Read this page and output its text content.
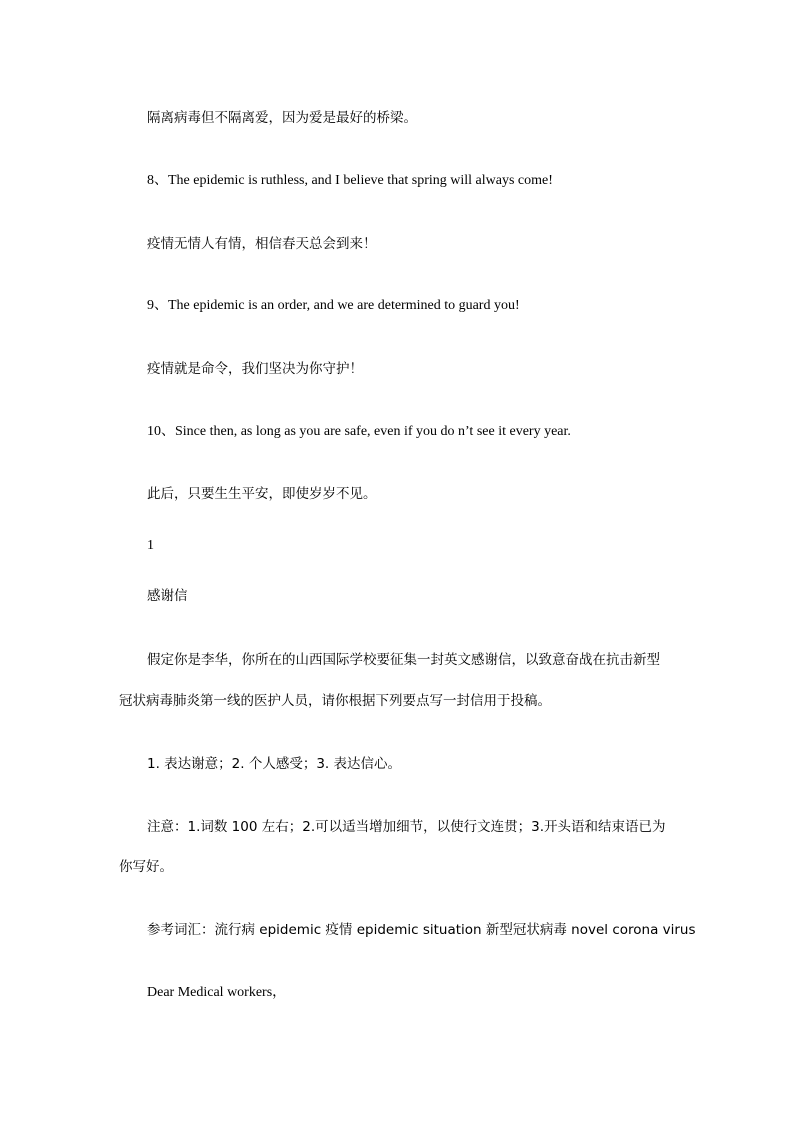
隔离病毒但不隔离爱，因为爱是最好的桥梁。
8、The epidemic is ruthless, and I believe that spring will always come!
疫情无情人有情，相信春天总会到来！
9、The epidemic is an order, and we are determined to guard you!
疫情就是命令，我们坚决为你守护！
10、Since then, as long as you are safe, even if you do n’t see it every year.
此后，只要生生平安，即使岁岁不见。
1
感谢信
假定你是李华，你所在的山西国际学校要征集一封英文感谢信，以致意奋战在抗击新型
冠状病毒肺炎第一线的医护人员，请你根据下列要点写一封信用于投稿。
1. 表达谢意；2. 个人感受；3. 表达信心。
注意：1.词数 100 左右；2.可以适当增加细节，以使行文连贯；3.开头语和结束语已为
你写好。
参考词汇：流行病 epidemic 疫情 epidemic situation 新型冠状病毒 novel corona virus
Dear Medical workers，
